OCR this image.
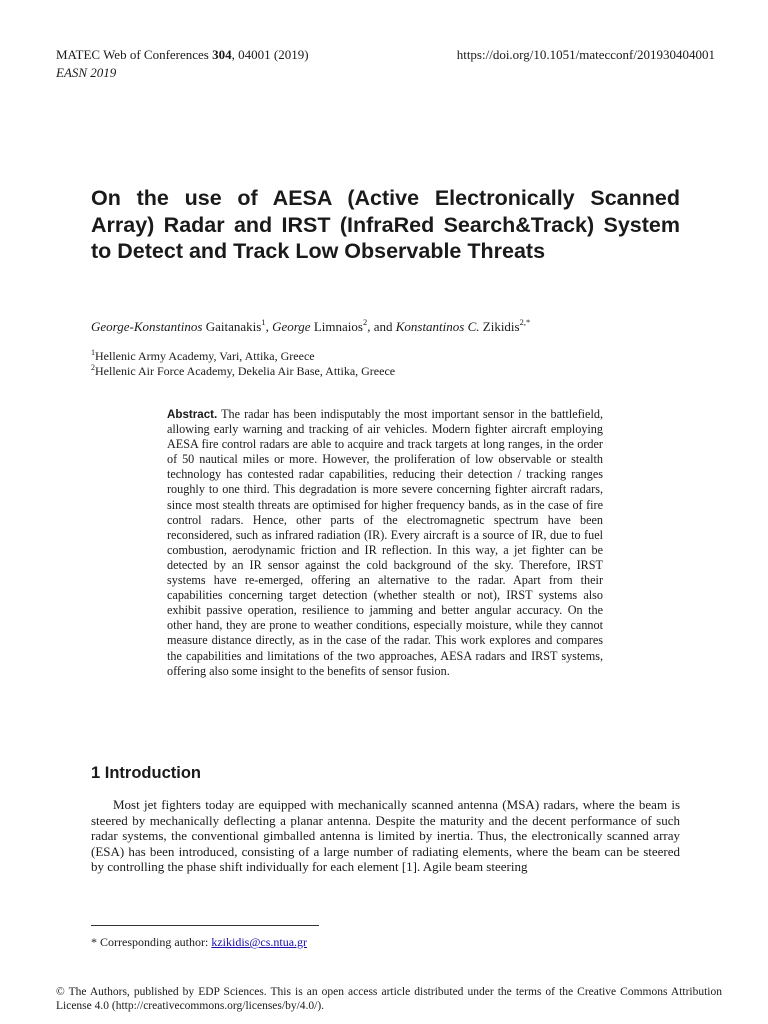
MATEC Web of Conferences 304, 04001 (2019)
EASN 2019
https://doi.org/10.1051/matecconf/201930404001
On the use of AESA (Active Electronically Scanned Array) Radar and IRST (InfraRed Search&Track) System to Detect and Track Low Observable Threats
George-Konstantinos Gaitanakis$^1$, George Limnaios$^2$, and Konstantinos C. Zikidis$^{2,*}$
$^1$Hellenic Army Academy, Vari, Attika, Greece
$^2$Hellenic Air Force Academy, Dekelia Air Base, Attika, Greece
Abstract. The radar has been indisputably the most important sensor in the battlefield, allowing early warning and tracking of air vehicles. Modern fighter aircraft employing AESA fire control radars are able to acquire and track targets at long ranges, in the order of 50 nautical miles or more. However, the proliferation of low observable or stealth technology has contested radar capabilities, reducing their detection / tracking ranges roughly to one third. This degradation is more severe concerning fighter aircraft radars, since most stealth threats are optimised for higher frequency bands, as in the case of fire control radars. Hence, other parts of the electromagnetic spectrum have been reconsidered, such as infrared radiation (IR). Every aircraft is a source of IR, due to fuel combustion, aerodynamic friction and IR reflection. In this way, a jet fighter can be detected by an IR sensor against the cold background of the sky. Therefore, IRST systems have re-emerged, offering an alternative to the radar. Apart from their capabilities concerning target detection (whether stealth or not), IRST systems also exhibit passive operation, resilience to jamming and better angular accuracy. On the other hand, they are prone to weather conditions, especially moisture, while they cannot measure distance directly, as in the case of the radar. This work explores and compares the capabilities and limitations of the two approaches, AESA radars and IRST systems, offering also some insight to the benefits of sensor fusion.
1 Introduction
Most jet fighters today are equipped with mechanically scanned antenna (MSA) radars, where the beam is steered by mechanically deflecting a planar antenna. Despite the maturity and the decent performance of such radar systems, the conventional gimballed antenna is limited by inertia. Thus, the electronically scanned array (ESA) has been introduced, consisting of a large number of radiating elements, where the beam can be steered by controlling the phase shift individually for each element [1]. Agile beam steering
* Corresponding author: kzikidis@cs.ntua.gr
© The Authors, published by EDP Sciences. This is an open access article distributed under the terms of the Creative Commons Attribution License 4.0 (http://creativecommons.org/licenses/by/4.0/).
